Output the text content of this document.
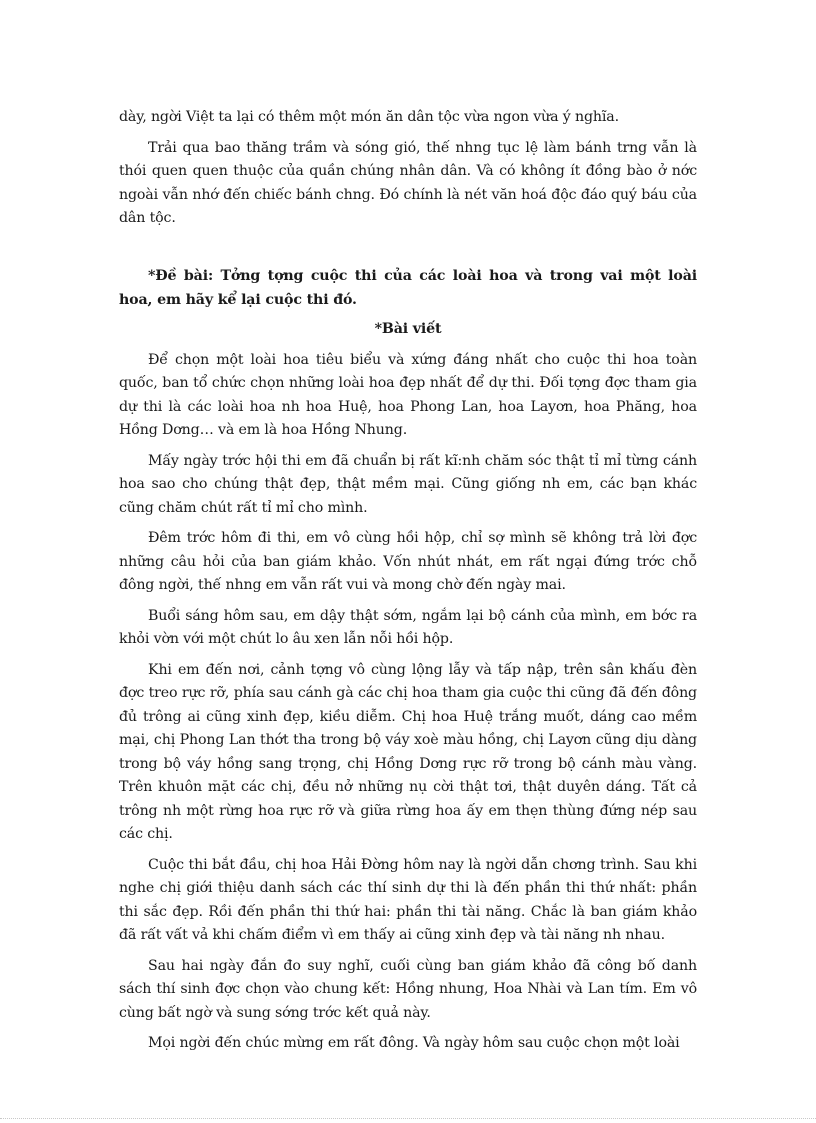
dày, ngời Việt ta lại có thêm một món ăn dân tộc vừa ngon vừa ý nghĩa.

Trải qua bao thăng trầm và sóng gió, thế nhng tục lệ làm bánh trng vẫn là thói quen quen thuộc của quần chúng nhân dân. Và có không ít đồng bào ở nớc ngoài vẫn nhớ đến chiếc bánh chng. Đó chính là nét văn hoá độc đáo quý báu của dân tộc.

*Đề bài: Tởng tợng cuộc thi của các loài hoa và trong vai một loài hoa, em hãy kể lại cuộc thi đó.

*Bài viết

Để chọn một loài hoa tiêu biểu và xứng đáng nhất cho cuộc thi hoa toàn quốc, ban tổ chức chọn những loài hoa đẹp nhất để dự thi. Đối tợng đợc tham gia dự thi là các loài hoa nh hoa Huệ, hoa Phong Lan, hoa Layơn, hoa Phăng, hoa Hồng Dơng… và em là hoa Hồng Nhung.

Mấy ngày trớc hội thi em đã chuẩn bị rất kĩ:nh chăm sóc thật tỉ mỉ từng cánh hoa sao cho chúng thật đẹp, thật mềm mại. Cũng giống nh em, các bạn khác cũng chăm chút rất tỉ mỉ cho mình.

Đêm trớc hôm đi thi, em vô cùng hồi hộp, chỉ sợ mình sẽ không trả lời đợc những câu hỏi của ban giám khảo. Vốn nhút nhát, em rất ngại đứng trớc chỗ đông ngời, thế nhng em vẫn rất vui và mong chờ đến ngày mai.

Buổi sáng hôm sau, em dậy thật sớm, ngắm lại bộ cánh của mình, em bớc ra khỏi vờn với một chút lo âu xen lẫn nỗi hồi hộp.

Khi em đến nơi, cảnh tợng vô cùng lộng lẫy và tấp nập, trên sân khấu đèn đợc treo rực rỡ, phía sau cánh gà các chị hoa tham gia cuộc thi cũng đã đến đông đủ trông ai cũng xinh đẹp, kiều diễm. Chị hoa Huệ trắng muốt, dáng cao mềm mại, chị Phong Lan thớt tha trong bộ váy xoè màu hồng, chị Layơn cũng dịu dàng trong bộ váy hồng sang trọng, chị Hồng Dơng rực rỡ trong bộ cánh màu vàng. Trên khuôn mặt các chị, đều nở những nụ cời thật tơi, thật duyên dáng. Tất cả trông nh một rừng hoa rực rỡ và giữa rừng hoa ấy em thẹn thùng đứng nép sau các chị.

Cuộc thi bắt đầu, chị hoa Hải Đờng hôm nay là ngời dẫn chơng trình. Sau khi nghe chị giới thiệu danh sách các thí sinh dự thi là đến phần thi thứ nhất: phần thi sắc đẹp. Rồi đến phần thi thứ hai: phần thi tài năng. Chắc là ban giám khảo đã rất vất vả khi chấm điểm vì em thấy ai cũng xinh đẹp và tài năng nh nhau.

Sau hai ngày đắn đo suy nghĩ, cuối cùng ban giám khảo đã công bố danh sách thí sinh đợc chọn vào chung kết: Hồng nhung, Hoa Nhài và Lan tím. Em vô cùng bất ngờ và sung sớng trớc kết quả này.

Mọi ngời đến chúc mừng em rất đông. Và ngày hôm sau cuộc chọn một loài
